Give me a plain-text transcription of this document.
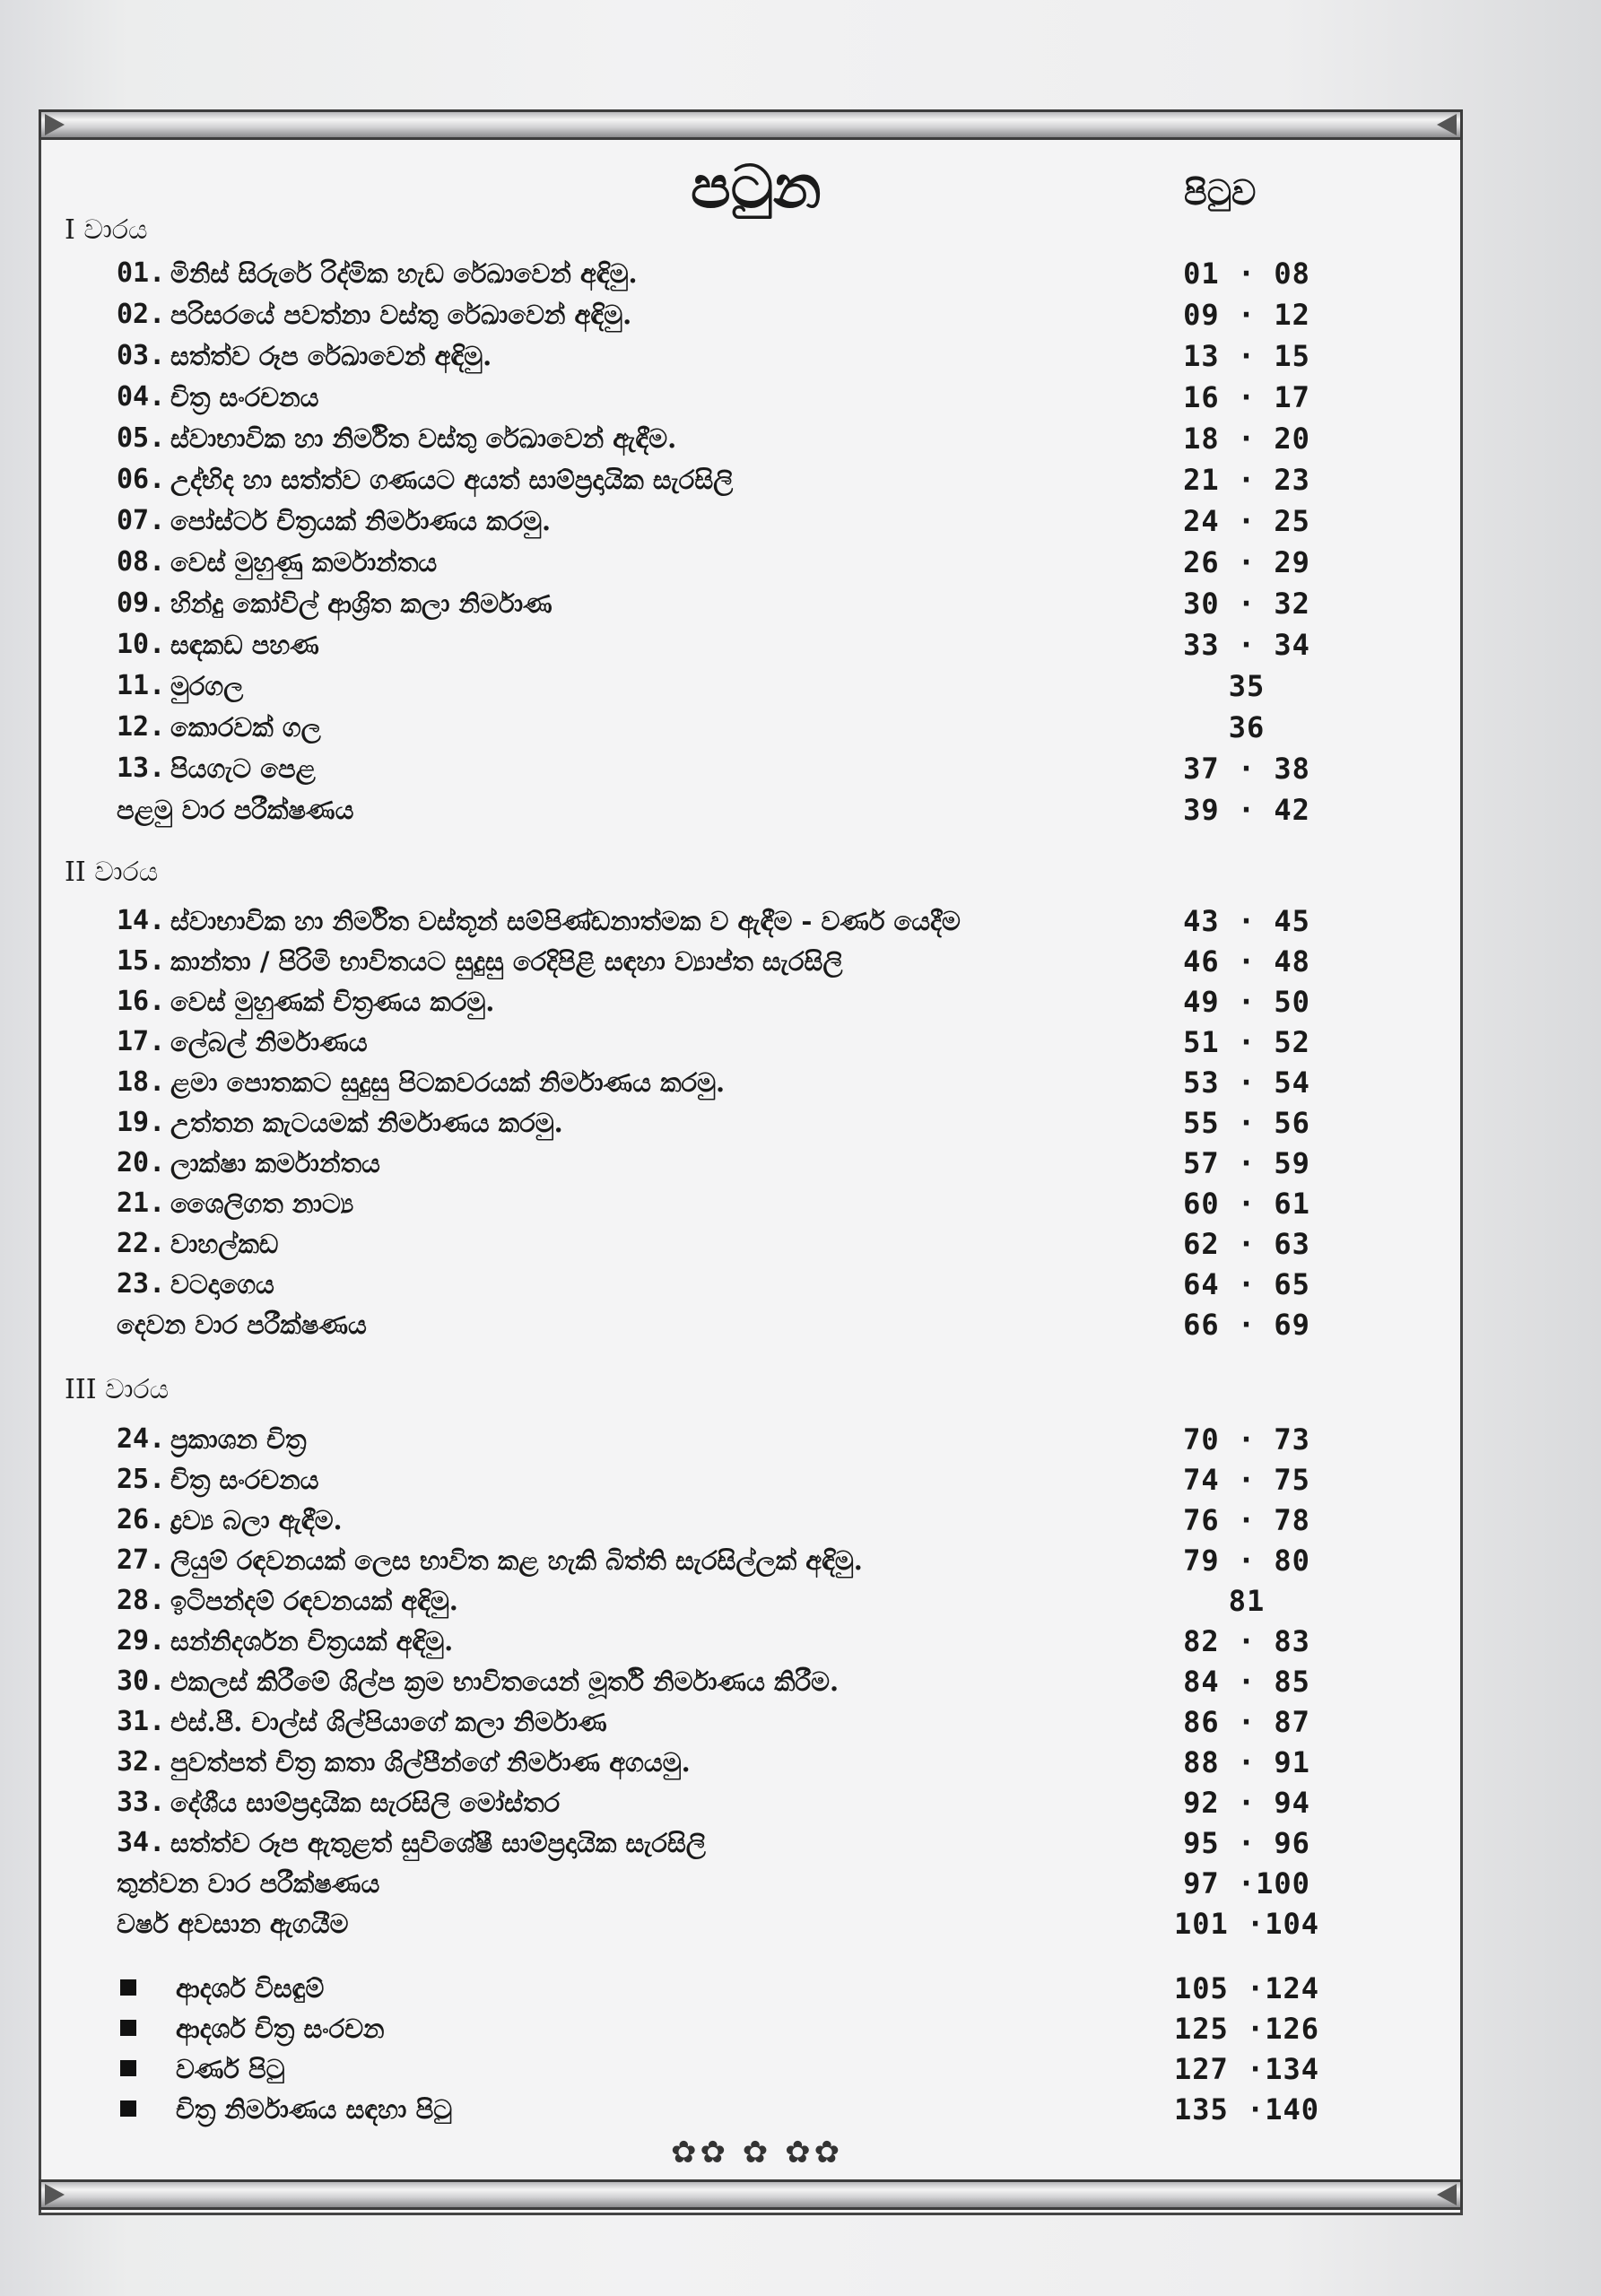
පටුන	පිටුව
I වාරය
01. මිනිස් සිරුරේ රිද්මික හැඩ රේඛාවෙන් අඳිමු.	01 · 08
02. පරිසරයේ පවත්නා වස්තු රේඛාවෙන් අඳිමු.	09 · 12
03. සත්ත්ව රූප රේඛාවෙන් අඳිමු.	13 · 15
04. චිත්‍ර සංරචනය	16 · 17
05. ස්වාභාවික හා නිර්මිත වස්තු රේඛාවෙන් ඇඳීම.	18 · 20
06. උද්භිද හා සත්ත්ව ගණයට අයත් සාම්ප්‍රදායික සැරසිලි	21 · 23
07. පෝස්ටර් චිත්‍රයක් නිර්මාණය කරමු.	24 · 25
08. වෙස් මුහුණු කර්මාන්තය	26 · 29
09. හින්දු කෝවිල් ආශ්‍රිත කලා නිර්මාණ	30 · 32
10. සඳකඩ පහණ	33 · 34
11. මුරගල	35
12. කොරවක් ගල	36
13. පියගැට පෙළ	37 · 38
පළමු වාර පරීක්ෂණය	39 · 42
II වාරය
14. ස්වාභාවික හා නිර්මිත වස්තූන් සම්පිණ්ඩනාත්මක ව ඇඳීම - වර්ණ යෙදීම	43 · 45
15. කාන්තා / පිරිමි භාවිතයට සුදුසු රෙදිපිළි සඳහා ව්‍යාප්ත සැරසිලි	46 · 48
16. වෙස් මුහුණක් චිත්‍රණය කරමු.	49 · 50
17. ලේබල් නිර්මාණය	51 · 52
18. ළමා පොතකට සුදුසු පිටකවරයක් නිර්මාණය කරමු.	53 · 54
19. උත්තන කැටයමක් නිර්මාණය කරමු.	55 · 56
20. ලාක්ෂා කර්මාන්තය	57 · 59
21. ශෛලිගත නාට්‍ය	60 · 61
22. වාහල්කඩ	62 · 63
23. වටදාගෙය	64 · 65
දෙවන වාර පරීක්ෂණය	66 · 69
III වාරය
24. ප්‍රකාශන චිත්‍ර	70 · 73
25. චිත්‍ර සංරචනය	74 · 75
26. ද්‍රව්‍ය බලා ඇඳීම.	76 · 78
27. ලියුම් රඳවනයක් ලෙස භාවිත කළ හැකි බිත්ති සැරසිල්ලක් අඳිමු.	79 · 80
28. ඉටිපන්දම් රඳවනයක් අඳිමු.	81
29. සන්නිදර්ශන චිත්‍රයක් අඳිමු.	82 · 83
30. එකලස් කිරීමේ ශිල්ප ක්‍රම භාවිතයෙන් මූර්ති නිර්මාණය කිරීම.	84 · 85
31. එස්.පී. චාල්ස් ශිල්පියාගේ කලා නිර්මාණ	86 · 87
32. පුවත්පත් චිත්‍ර කතා ශිල්පීන්ගේ නිර්මාණ අගයමු.	88 · 91
33. දේශීය සාම්ප්‍රදායික සැරසිලි මෝස්තර	92 · 94
34. සත්ත්ව රූප ඇතුළත් සුවිශේෂී සාම්ප්‍රදායික සැරසිලි	95 · 96
තුන්වන වාර පරීක්ෂණය	97 ·100
වර්ෂ අවසාන ඇගයීම	101 ·104
ආදර්ශ විසඳුම්	105 ·124
ආදර්ශ චිත්‍ර සංරචන	125 ·126
වර්ණ පිටු	127 ·134
චිත්‍ර නිර්මාණය සඳහා පිටු	135 ·140
✿✿ ✿ ✿✿
